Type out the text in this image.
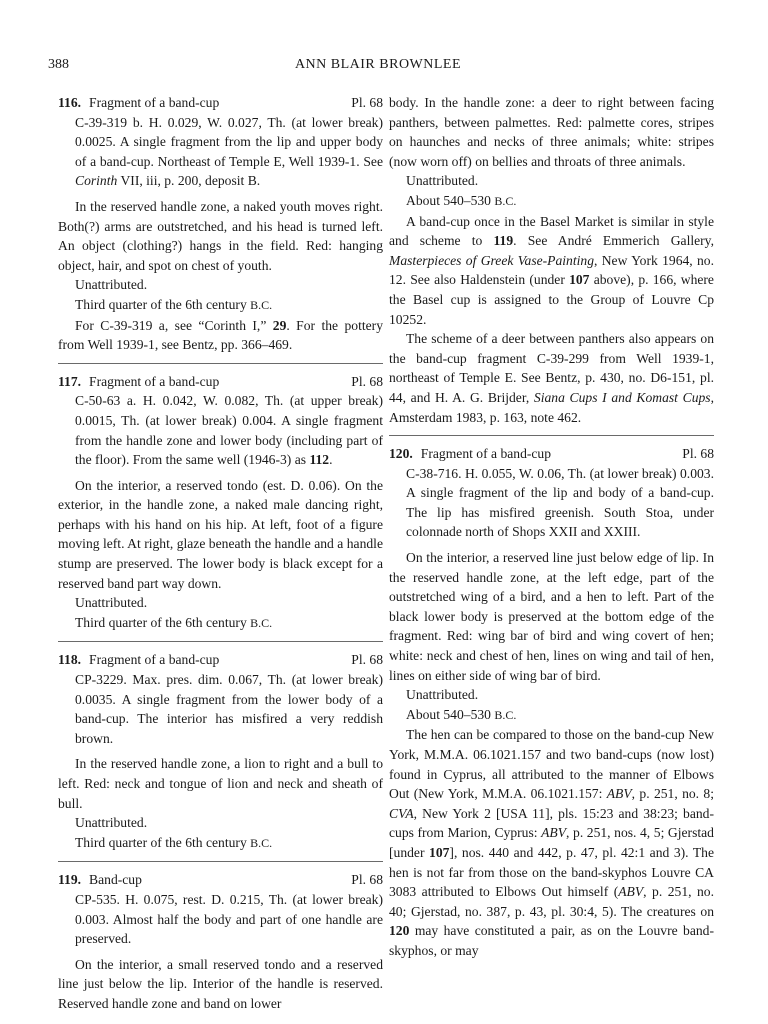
388	ANN BLAIR BROWNLEE
116. Fragment of a band-cup	Pl. 68

C-39-319 b. H. 0.029, W. 0.027, Th. (at lower break) 0.0025. A single fragment from the lip and upper body of a band-cup. Northeast of Temple E, Well 1939-1. See Corinth VII, iii, p. 200, deposit B.

In the reserved handle zone, a naked youth moves right. Both(?) arms are outstretched, and his head is turned left. An object (clothing?) hangs in the field. Red: hanging object, hair, and spot on chest of youth.

Unattributed.

Third quarter of the 6th century B.C.

For C-39-319 a, see “Corinth I,” 29. For the pottery from Well 1939-1, see Bentz, pp. 366–469.

117. Fragment of a band-cup	Pl. 68

C-50-63 a. H. 0.042, W. 0.082, Th. (at upper break) 0.0015, Th. (at lower break) 0.004. A single fragment from the handle zone and lower body (including part of the floor). From the same well (1946-3) as 112.

On the interior, a reserved tondo (est. D. 0.06). On the exterior, in the handle zone, a naked male dancing right, perhaps with his hand on his hip. At left, foot of a figure moving left. At right, glaze beneath the handle and a handle stump are preserved. The lower body is black except for a reserved band part way down.

Unattributed.

Third quarter of the 6th century B.C.

118. Fragment of a band-cup	Pl. 68

CP-3229. Max. pres. dim. 0.067, Th. (at lower break) 0.0035. A single fragment from the lower body of a band-cup. The interior has misfired a very reddish brown.

In the reserved handle zone, a lion to right and a bull to left. Red: neck and tongue of lion and neck and sheath of bull.

Unattributed.

Third quarter of the 6th century B.C.

119. Band-cup	Pl. 68

CP-535. H. 0.075, rest. D. 0.215, Th. (at lower break) 0.003. Almost half the body and part of one handle are preserved.

On the interior, a small reserved tondo and a reserved line just below the lip. Interior of the handle is reserved. Reserved handle zone and band on lower

body. In the handle zone: a deer to right between facing panthers, between palmettes. Red: palmette cores, stripes on haunches and necks of three animals; white: stripes (now worn off) on bellies and throats of three animals.

Unattributed.

About 540–530 B.C.

A band-cup once in the Basel Market is similar in style and scheme to 119. See André Emmerich Gallery, Masterpieces of Greek Vase-Painting, New York 1964, no. 12. See also Haldenstein (under 107 above), p. 166, where the Basel cup is assigned to the Group of Louvre Cp 10252.

The scheme of a deer between panthers also appears on the band-cup fragment C-39-299 from Well 1939-1, northeast of Temple E. See Bentz, p. 430, no. D6-151, pl. 44, and H. A. G. Brijder, Siana Cups I and Komast Cups, Amsterdam 1983, p. 163, note 462.

120. Fragment of a band-cup	Pl. 68

C-38-716. H. 0.055, W. 0.06, Th. (at lower break) 0.003. A single fragment of the lip and body of a band-cup. The lip has misfired greenish. South Stoa, under colonnade north of Shops XXII and XXIII.

On the interior, a reserved line just below edge of lip. In the reserved handle zone, at the left edge, part of the outstretched wing of a bird, and a hen to left. Part of the black lower body is preserved at the bottom edge of the fragment. Red: wing bar of bird and wing covert of hen; white: neck and chest of hen, lines on wing and tail of hen, lines on either side of wing bar of bird.

Unattributed.

About 540–530 B.C.

The hen can be compared to those on the band-cup New York, M.M.A. 06.1021.157 and two band-cups (now lost) found in Cyprus, all attributed to the manner of Elbows Out (New York, M.M.A. 06.1021.157: ABV, p. 251, no. 8; CVA, New York 2 [USA 11], pls. 15:23 and 38:23; band-cups from Marion, Cyprus: ABV, p. 251, nos. 4, 5; Gjerstad [under 107], nos. 440 and 442, p. 47, pl. 42:1 and 3). The hen is not far from those on the band-skyphos Louvre CA 3083 attributed to Elbows Out himself (ABV, p. 251, no. 40; Gjerstad, no. 387, p. 43, pl. 30:4, 5). The creatures on 120 may have constituted a pair, as on the Louvre band-skyphos, or may
